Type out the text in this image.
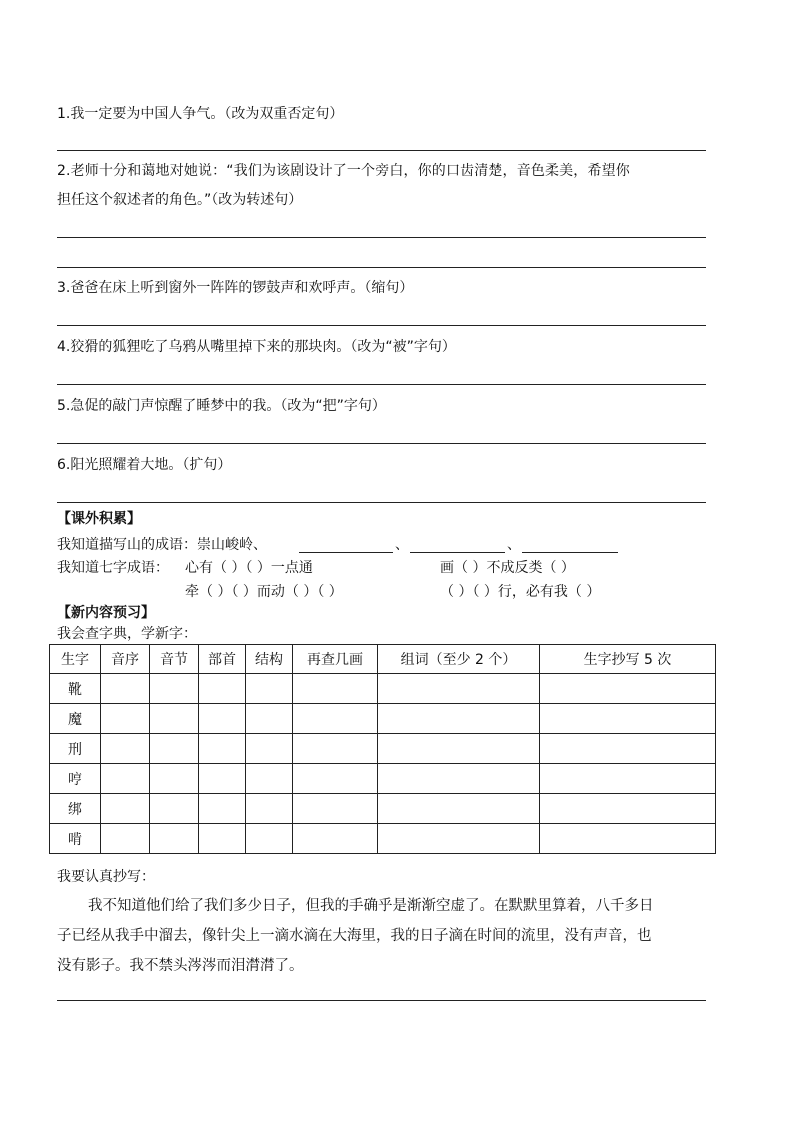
1.我一定要为中国人争气。（改为双重否定句）
2.老师十分和蔼地对她说：“我们为该剧设计了一个旁白，你的口齿清楚，音色柔美，希望你
担任这个叙述者的角色。”（改为转述句）
3.爸爸在床上听到窗外一阵阵的锣鼓声和欢呼声。（缩句）
4.狡猾的狐狸吃了乌鸦从嘴里掉下来的那块肉。（改为“被”字句）
5.急促的敲门声惊醒了睡梦中的我。（改为“把”字句）
6.阳光照耀着大地。（扩句）
【课外积累】
我知道描写山的成语：崇山峻岭、	、	、
我知道七字成语： 心有（ ）（ ）一点通	画（ ）不成反类（ ）
牵（ ）（ ）而动（ ）（ ）	（ ）（ ）行，必有我（ ）
【新内容预习】
我会查字典，学新字：
生字	音序	音节	部首	结构	再查几画	组词（至少 2 个）	生字抄写 5 次
靴							
魔							
刑							
哼							
绑							
啃							
我要认真抄写：
我不知道他们给了我们多少日子，但我的手确乎是渐渐空虚了。在默默里算着，八千多日
子已经从我手中溜去，像针尖上一滴水滴在大海里，我的日子滴在时间的流里，没有声音，也
没有影子。我不禁头涔涔而泪潸潸了。
